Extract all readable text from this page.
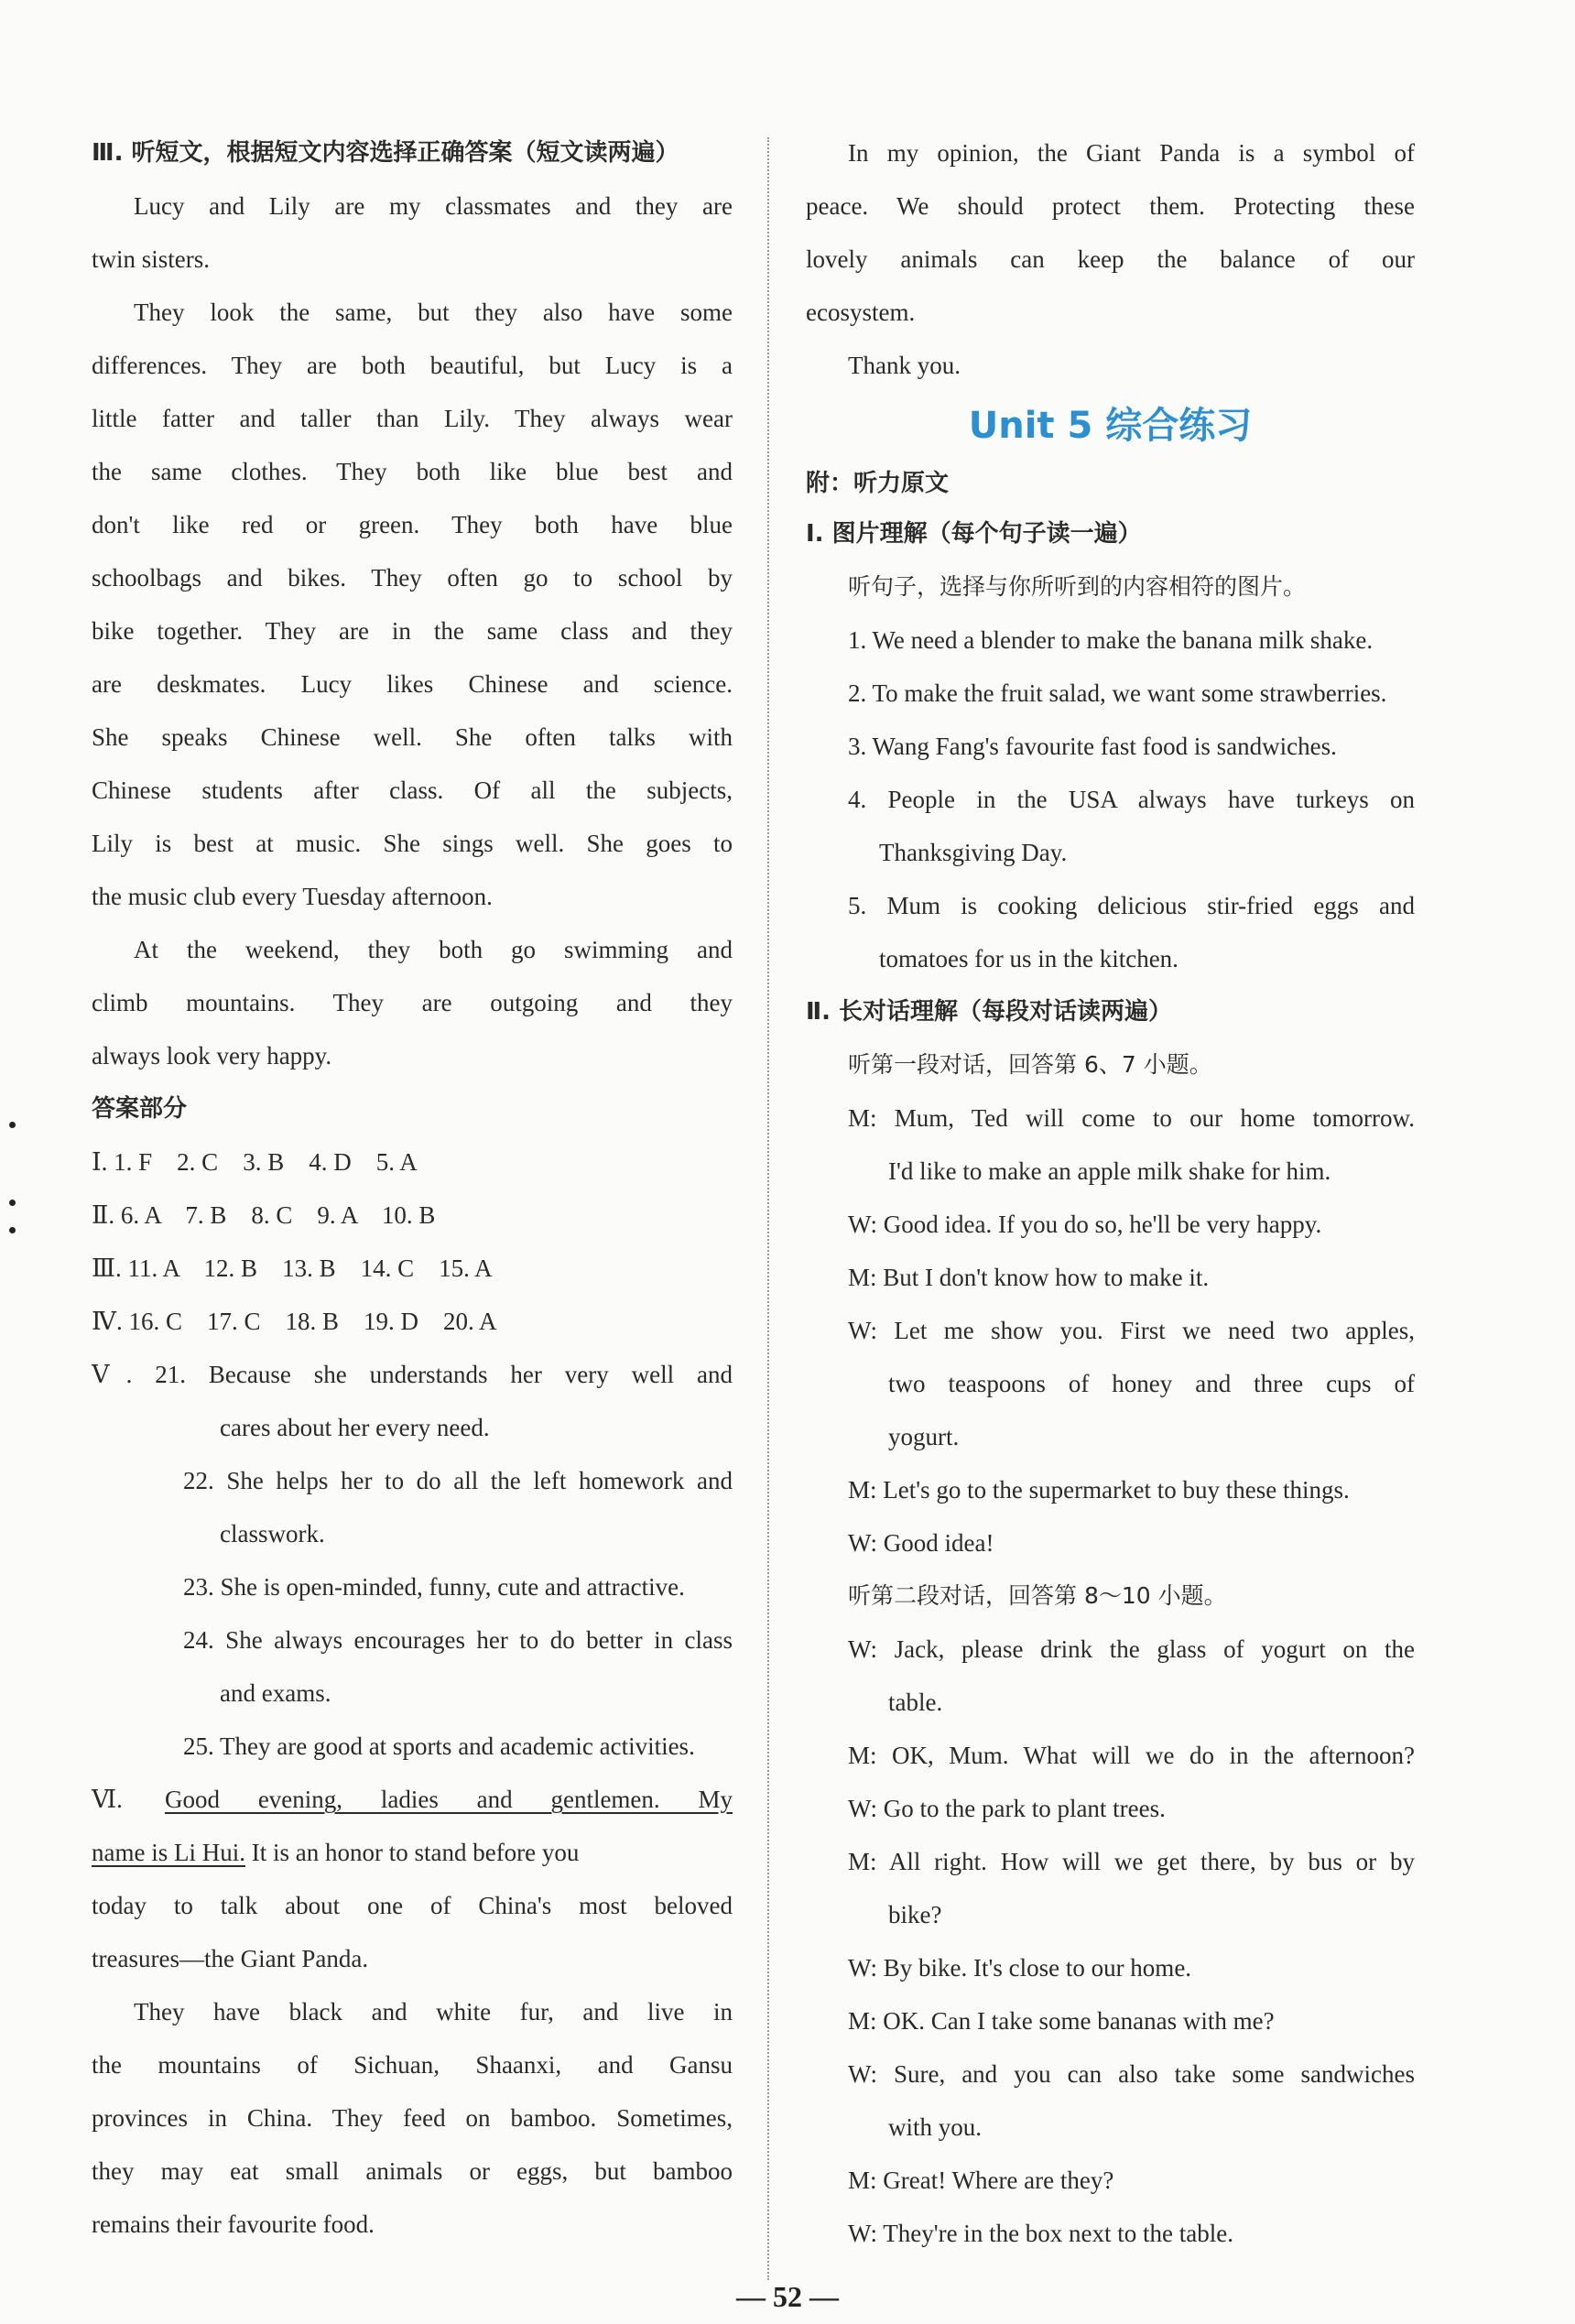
Ⅲ. 听短文，根据短文内容选择正确答案（短文读两遍）
Lucy and Lily are my classmates and they are
twin sisters.
They look the same, but they also have some
differences. They are both beautiful, but Lucy is a
little fatter and taller than Lily. They always wear
the same clothes. They both like blue best and
don't like red or green. They both have blue
schoolbags and bikes. They often go to school by
bike together. They are in the same class and they
are deskmates. Lucy likes Chinese and science.
She speaks Chinese well. She often talks with
Chinese students after class. Of all the subjects,
Lily is best at music. She sings well. She goes to
the music club every Tuesday afternoon.
At the weekend, they both go swimming and
climb mountains. They are outgoing and they
always look very happy.
答案部分
Ⅰ. 1. F　2. C　3. B　4. D　5. A
Ⅱ. 6. A　7. B　8. C　9. A　10. B
Ⅲ. 11. A　12. B　13. B　14. C　15. A
Ⅳ. 16. C　17. C　18. B　19. D　20. A
Ⅴ. 21. Because she understands her very well and
cares about her every need.
22. She helps her to do all the left homework and
classwork.
23. She is open-minded, funny, cute and attractive.
24. She always encourages her to do better in class
and exams.
25. They are good at sports and academic activities.
Ⅵ. Good evening, ladies and gentlemen. My
name is Li Hui. It is an honor to stand before you
today to talk about one of China's most beloved
treasures—the Giant Panda.
They have black and white fur, and live in
the mountains of Sichuan, Shaanxi, and Gansu
provinces in China. They feed on bamboo. Sometimes,
they may eat small animals or eggs, but bamboo
remains their favourite food.
In my opinion, the Giant Panda is a symbol of
peace. We should protect them. Protecting these
lovely animals can keep the balance of our
ecosystem.
Thank you.
Unit 5 综合练习
附：听力原文
Ⅰ. 图片理解（每个句子读一遍）
听句子，选择与你所听到的内容相符的图片。
1. We need a blender to make the banana milk shake.
2. To make the fruit salad, we want some strawberries.
3. Wang Fang's favourite fast food is sandwiches.
4. People in the USA always have turkeys on
Thanksgiving Day.
5. Mum is cooking delicious stir-fried eggs and
tomatoes for us in the kitchen.
Ⅱ. 长对话理解（每段对话读两遍）
听第一段对话，回答第 6、7 小题。
M: Mum, Ted will come to our home tomorrow.
I'd like to make an apple milk shake for him.
W: Good idea. If you do so, he'll be very happy.
M: But I don't know how to make it.
W: Let me show you. First we need two apples,
two teaspoons of honey and three cups of
yogurt.
M: Let's go to the supermarket to buy these things.
W: Good idea!
听第二段对话，回答第 8～10 小题。
W: Jack, please drink the glass of yogurt on the
table.
M: OK, Mum. What will we do in the afternoon?
W: Go to the park to plant trees.
M: All right. How will we get there, by bus or by
bike?
W: By bike. It's close to our home.
M: OK. Can I take some bananas with me?
W: Sure, and you can also take some sandwiches
with you.
M: Great! Where are they?
W: They're in the box next to the table.
— 52 —
